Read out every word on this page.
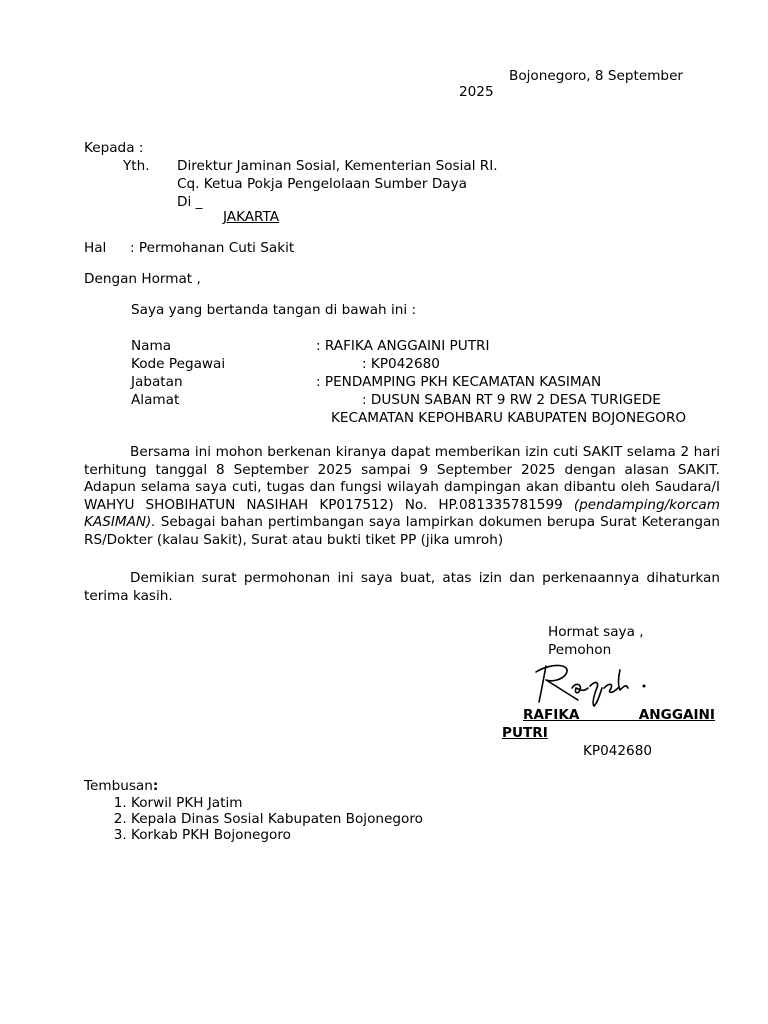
Bojonegoro, 8 September
2025
Kepada :
Yth. Direktur Jaminan Sosial, Kementerian Sosial RI.
Cq. Ketua Pokja Pengelolaan Sumber Daya
Di _
JAKARTA
Hal : Permohanan Cuti Sakit
Dengan Hormat ,
Saya yang bertanda tangan di bawah ini :
Nama	: RAFIKA ANGGAINI PUTRI
Kode Pegawai	: KP042680
Jabatan	: PENDAMPING PKH KECAMATAN KASIMAN
Alamat	: DUSUN SABAN RT 9 RW 2 DESA TURIGEDE
KECAMATAN KEPOHBARU KABUPATEN BOJONEGORO
Bersama ini mohon berkenan kiranya dapat memberikan izin cuti SAKIT selama 2 hari terhitung tanggal 8 September 2025 sampai 9 September 2025 dengan alasan SAKIT. Adapun selama saya cuti, tugas dan fungsi wilayah dampingan akan dibantu oleh Saudara/I WAHYU SHOBIHATUN NASIHAH KP017512) No. HP.081335781599 (pendamping/korcam KASIMAN). Sebagai bahan pertimbangan saya lampirkan dokumen berupa Surat Keterangan RS/Dokter (kalau Sakit), Surat atau bukti tiket PP (jika umroh)
Demikian surat permohonan ini saya buat, atas izin dan perkenaannya dihaturkan terima kasih.
Hormat saya ,
Pemohon
RAFIKA ANGGAINI
PUTRI
KP042680
Tembusan:
1. Korwil PKH Jatim
2. Kepala Dinas Sosial Kabupaten Bojonegoro
3. Korkab PKH Bojonegoro
